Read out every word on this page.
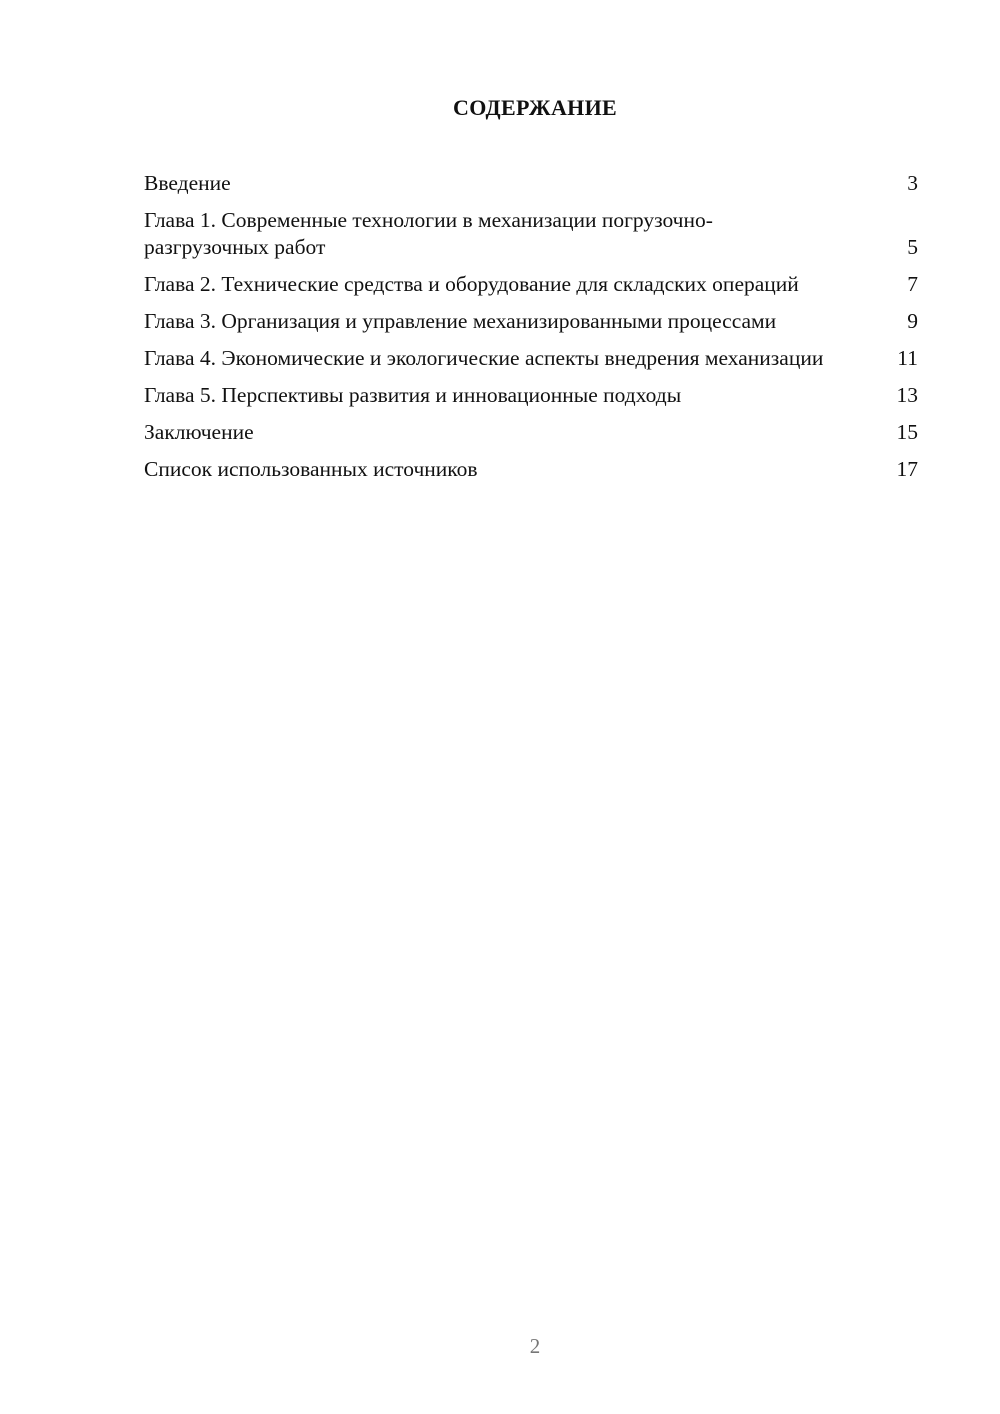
СОДЕРЖАНИЕ
Введение	3
Глава 1. Современные технологии в механизации погрузочно-разгрузочных работ	5
Глава 2. Технические средства и оборудование для складских операций	7
Глава 3. Организация и управление механизированными процессами	9
Глава 4. Экономические и экологические аспекты внедрения механизации	11
Глава 5. Перспективы развития и инновационные подходы	13
Заключение	15
Список использованных источников	17
2
